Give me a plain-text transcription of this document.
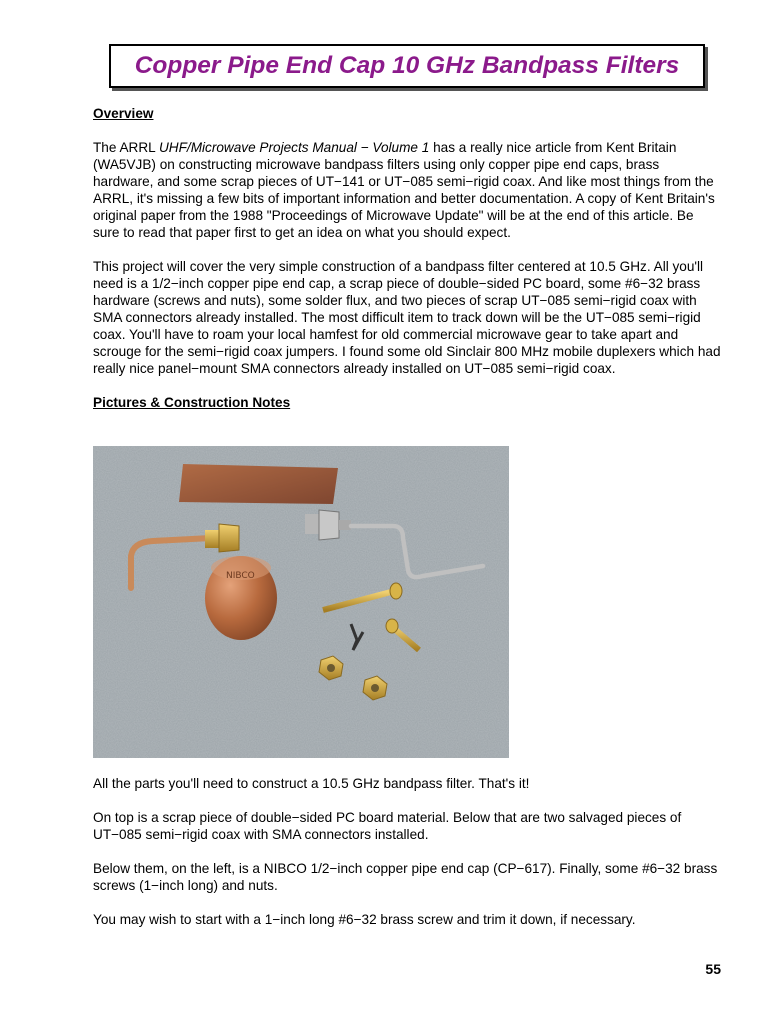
Copper Pipe End Cap 10 GHz Bandpass Filters
Overview

The ARRL UHF/Microwave Projects Manual − Volume 1 has a really nice article from Kent Britain (WA5VJB) on constructing microwave bandpass filters using only copper pipe end caps, brass hardware, and some scrap pieces of UT−141 or UT−085 semi−rigid coax. And like most things from the ARRL, it's missing a few bits of important information and better documentation. A copy of Kent Britain's original paper from the 1988 "Proceedings of Microwave Update" will be at the end of this article. Be sure to read that paper first to get an idea on what you should expect.

This project will cover the very simple construction of a bandpass filter centered at 10.5 GHz. All you'll need is a 1/2−inch copper pipe end cap, a scrap piece of double−sided PC board, some #6−32 brass hardware (screws and nuts), some solder flux, and two pieces of scrap UT−085 semi−rigid coax with SMA connectors already installed. The most difficult item to track down will be the UT−085 semi−rigid coax. You'll have to roam your local hamfest for old commercial microwave gear to take apart and scrouge for the semi−rigid coax jumpers. I found some old Sinclair 800 MHz mobile duplexers which had really nice panel−mount SMA connectors already installed on UT−085 semi−rigid coax.

Pictures & Construction Notes
NIBCO

All the parts you'll need to construct a 10.5 GHz bandpass filter. That's it!

On top is a scrap piece of double−sided PC board material. Below that are two salvaged pieces of UT−085 semi−rigid coax with SMA connectors installed.

Below them, on the left, is a NIBCO 1/2−inch copper pipe end cap (CP−617). Finally, some #6−32 brass screws (1−inch long) and nuts.

You may wish to start with a 1−inch long #6−32 brass screw and trim it down, if necessary.

55
